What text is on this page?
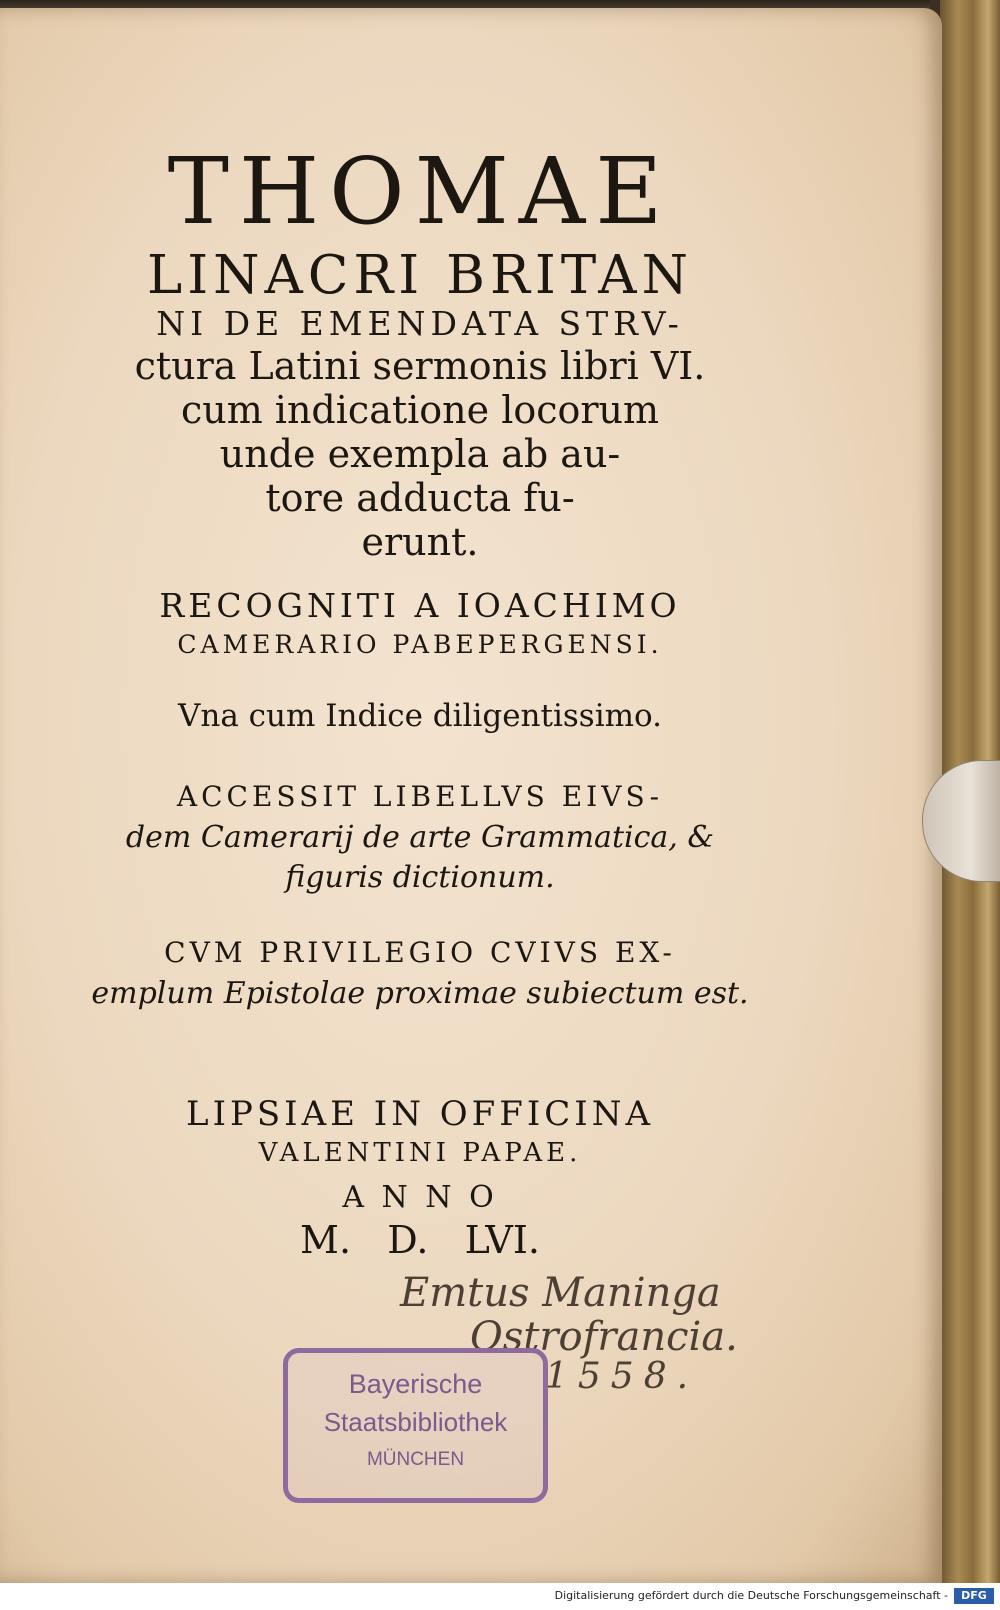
THOMAE

LINACRI BRITAN

NI DE EMENDATA STRV-

ctura Latini sermonis libri VI.

cum indicatione locorum

unde exempla ab au-

tore adducta fu-

erunt.

RECOGNITI A IOACHIMO

CAMERARIO PABEPERGENSI.

Vna cum Indice diligentissimo.

ACCESSIT LIBELLVS EIVS-

dem Camerarij de arte Grammatica, &

figuris dictionum.

CVM PRIVILEGIO CVIVS EX-

emplum Epistolae proximae subiectum est.

LIPSIAE IN OFFICINA

VALENTINI PAPAE.

A N N O

M.   D.   LVI.

Emtus Maninga
Ostrofrancia.
1558.
Bayerische
Staatsbibliothek
MÜNCHEN
Digitalisierung gefördert durch die Deutsche Forschungsgemeinschaft -	DFG
